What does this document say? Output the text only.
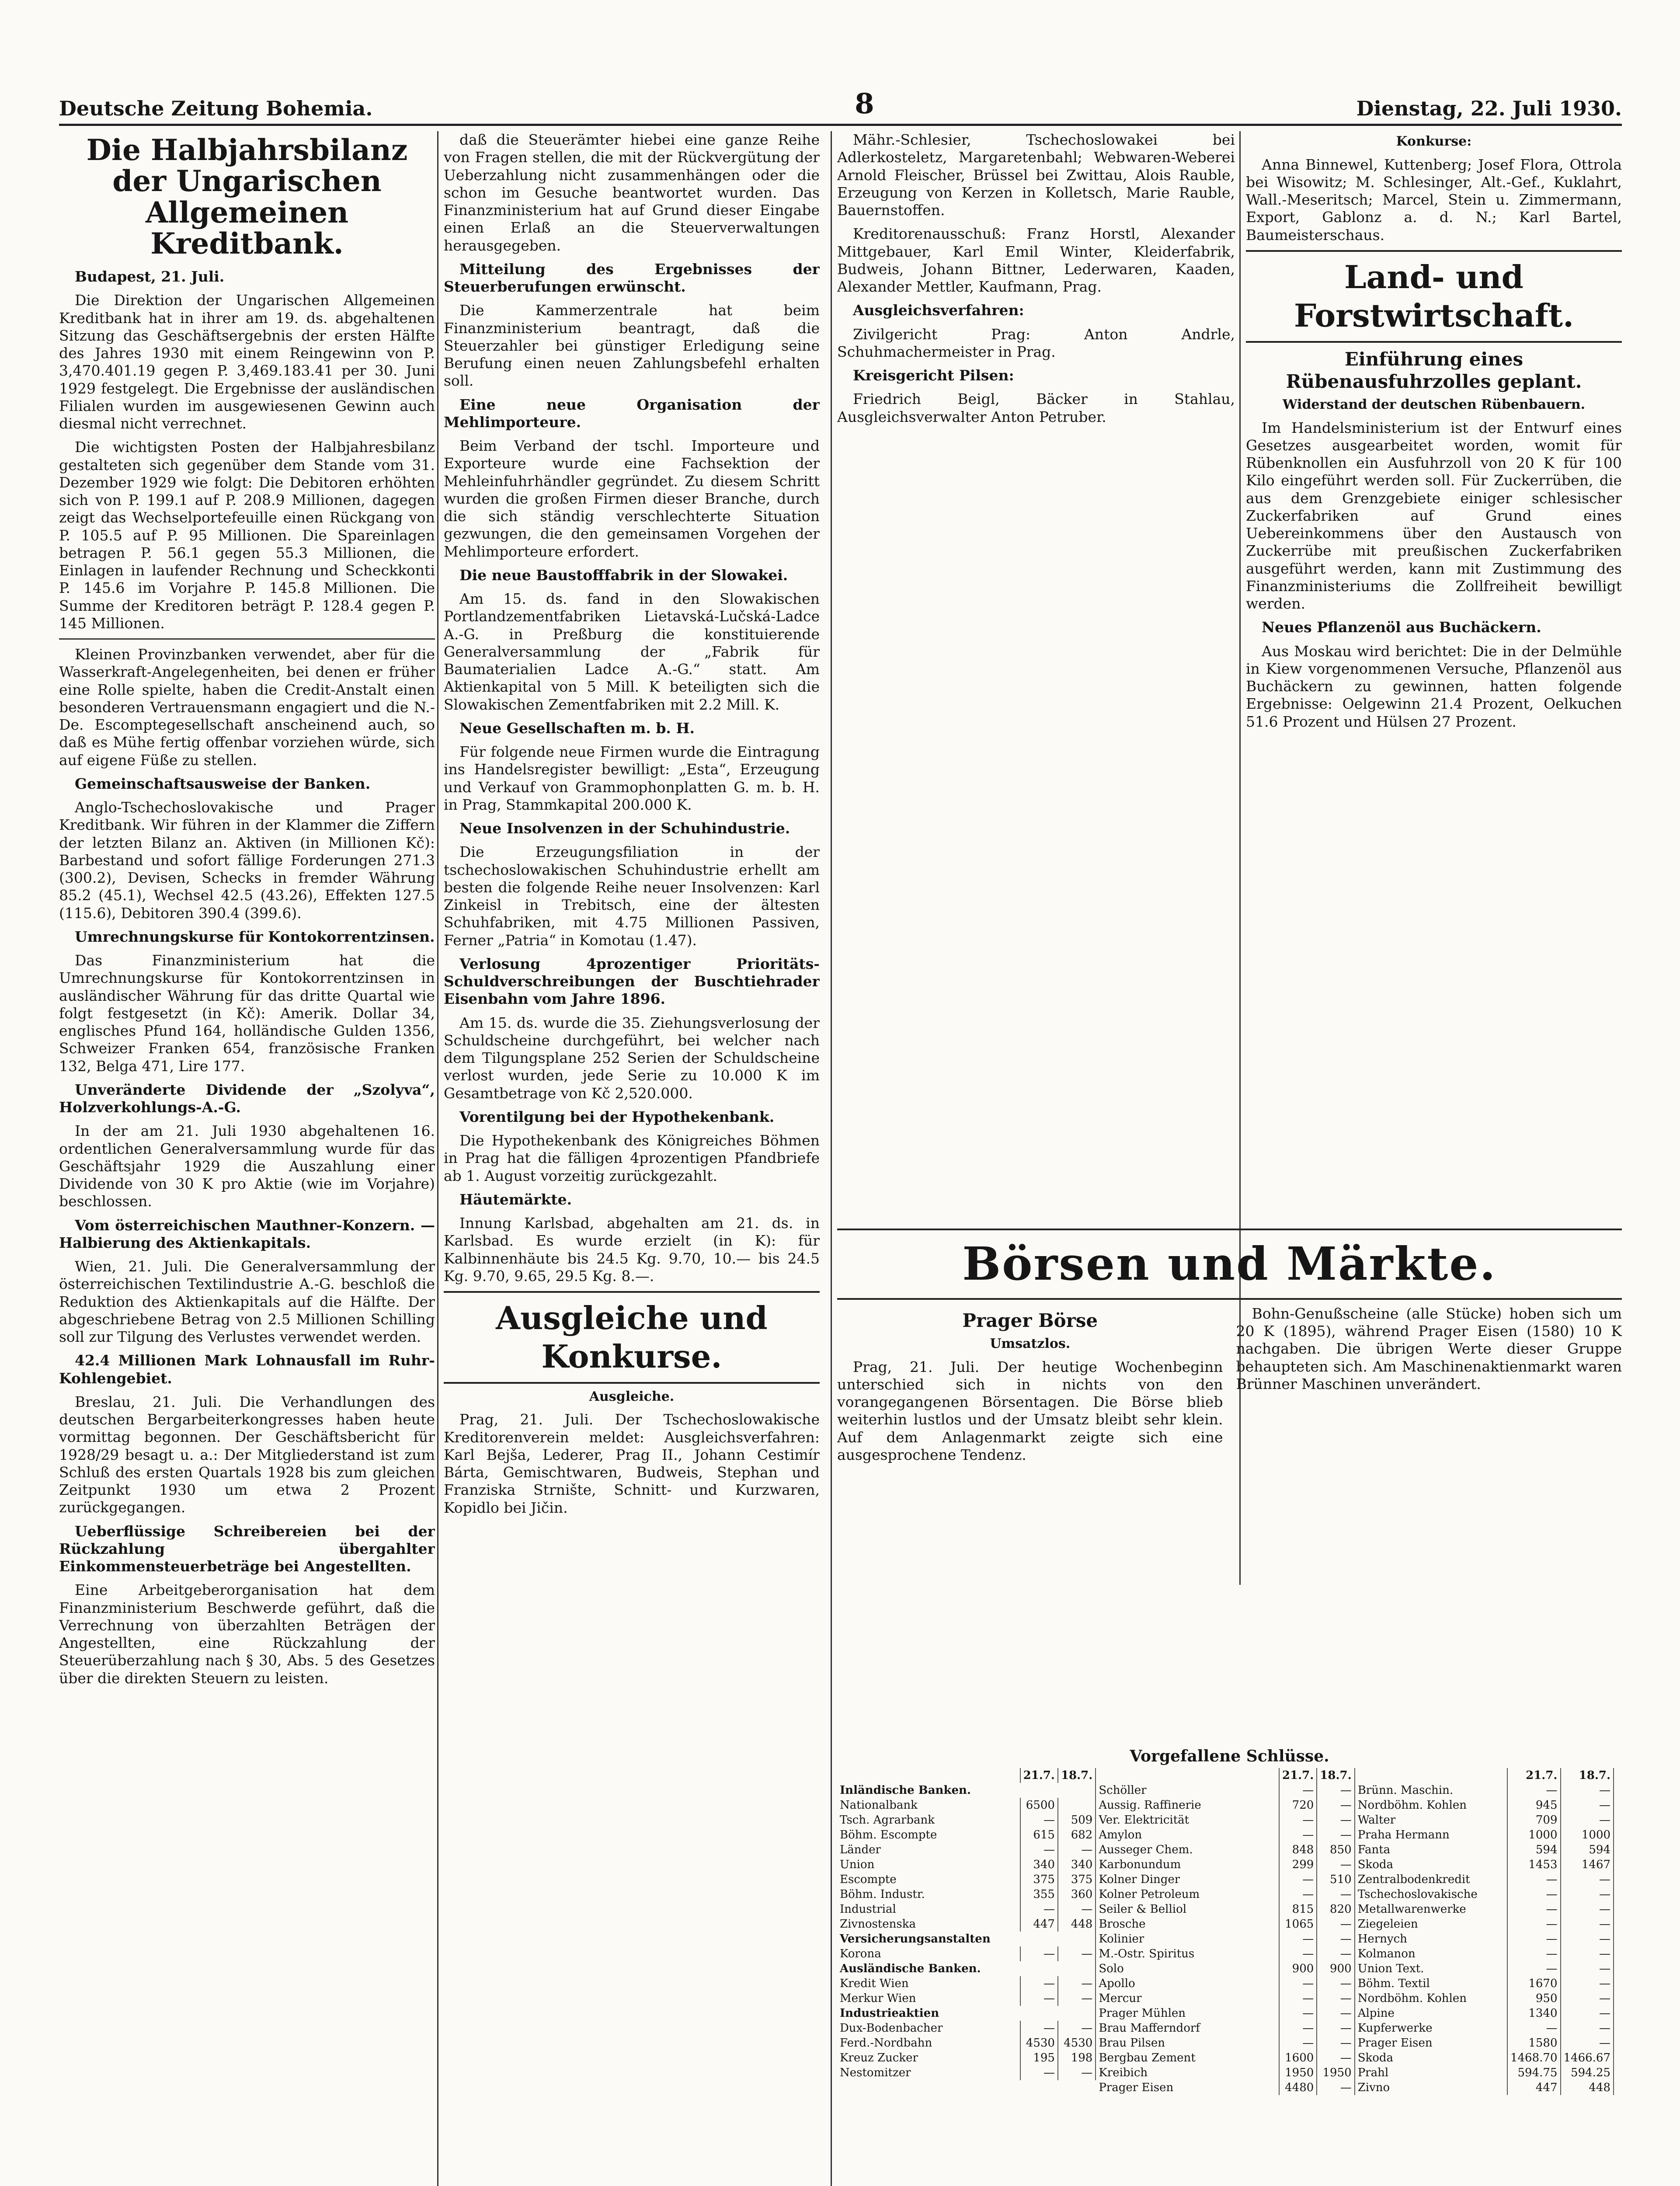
Deutsche Zeitung Bohemia.	8	Dienstag, 22. Juli 1930.
Die Halbjahrsbilanz der Ungarischen Allgemeinen Kreditbank.

Budapest, 21. Juli.

Die Direktion der Ungarischen Allgemeinen Kreditbank hat in ihrer am 19. ds. abgehaltenen Sitzung das Geschäftsergebnis der ersten Hälfte des Jahres 1930 mit einem Reingewinn von P. 3,470.401.19 gegen P. 3,469.183.41 per 30. Juni 1929 festgelegt. Die Ergebnisse der ausländischen Filialen wurden im ausgewiesenen Gewinn auch diesmal nicht verrechnet.

Die wichtigsten Posten der Halbjahresbilanz gestalteten sich gegenüber dem Stande vom 31. Dezember 1929 wie folgt: Die Debitoren erhöhten sich von P. 199.1 auf P. 208.9 Millionen, dagegen zeigt das Wechselportefeuille einen Rückgang von P. 105.5 auf P. 95 Millionen. Die Spareinlagen betragen P. 56.1 gegen 55.3 Millionen, die Einlagen in laufender Rechnung und Scheckkonti P. 145.6 im Vorjahre P. 145.8 Millionen. Die Summe der Kreditoren beträgt P. 128.4 gegen P. 145 Millionen.

Kleinen Provinzbanken verwendet, aber für die Wasserkraft-Angelegenheiten, bei denen er früher eine Rolle spielte, haben die Credit-Anstalt einen besonderen Vertrauensmann engagiert und die N.-De. Escomptegesellschaft anscheinend auch, so daß es Mühe fertig offenbar vorziehen würde, sich auf eigene Füße zu stellen.

Gemeinschaftsausweise der Banken.

Anglo-Tschechoslovakische und Prager Kreditbank. Wir führen in der Klammer die Ziffern der letzten Bilanz an. Aktiven (in Millionen Kč): Barbestand und sofort fällige Forderungen 271.3 (300.2), Devisen, Schecks in fremder Währung 85.2 (45.1), Wechsel 42.5 (43.26), Effekten 127.5 (115.6), Debitoren 390.4 (399.6).

Umrechnungskurse für Kontokorrentzinsen.

Das Finanzministerium hat die Umrechnungskurse für Kontokorrentzinsen in ausländischer Währung für das dritte Quartal wie folgt festgesetzt (in Kč): Amerik. Dollar 34, englisches Pfund 164, holländische Gulden 1356, Schweizer Franken 654, französische Franken 132, Belga 471, Lire 177.

Unveränderte Dividende der „Szolyva“, Holzverkohlungs-A.-G.

In der am 21. Juli 1930 abgehaltenen 16. ordentlichen Generalversammlung wurde für das Geschäftsjahr 1929 die Auszahlung einer Dividende von 30 K pro Aktie (wie im Vorjahre) beschlossen.

Vom österreichischen Mauthner-Konzern. — Halbierung des Aktienkapitals.

Wien, 21. Juli. Die Generalversammlung der österreichischen Textilindustrie A.-G. beschloß die Reduktion des Aktienkapitals auf die Hälfte. Der abgeschriebene Betrag von 2.5 Millionen Schilling soll zur Tilgung des Verlustes verwendet werden.

42.4 Millionen Mark Lohnausfall im Ruhr-Kohlengebiet.

Breslau, 21. Juli. Die Verhandlungen des deutschen Bergarbeiterkongresses haben heute vormittag begonnen. Der Geschäftsbericht für 1928/29 besagt u. a.: Der Mitgliederstand ist zum Schluß des ersten Quartals 1928 bis zum gleichen Zeitpunkt 1930 um etwa 2 Prozent zurückgegangen.

Ueberflüssige Schreibereien bei der Rückzahlung übergahlter Einkommensteuerbeträge bei Angestellten.

Eine Arbeitgeberorganisation hat dem Finanzministerium Beschwerde geführt, daß die Verrechnung von überzahlten Beträgen der Angestellten, eine Rückzahlung der Steuerüberzahlung nach § 30, Abs. 5 des Gesetzes über die direkten Steuern zu leisten.

daß die Steuerämter hiebei eine ganze Reihe von Fragen stellen, die mit der Rückvergütung der Ueberzahlung nicht zusammenhängen oder die schon im Gesuche beantwortet wurden. Das Finanzministerium hat auf Grund dieser Eingabe einen Erlaß an die Steuerverwaltungen herausgegeben.

Mitteilung des Ergebnisses der Steuerberufungen erwünscht.

Die Kammerzentrale hat beim Finanzministerium beantragt, daß die Steuerzahler bei günstiger Erledigung seine Berufung einen neuen Zahlungsbefehl erhalten soll.

Eine neue Organisation der Mehlimporteure.

Beim Verband der tschl. Importeure und Exporteure wurde eine Fachsektion der Mehleinfuhrhändler gegründet. Zu diesem Schritt wurden die großen Firmen dieser Branche, durch die sich ständig verschlechterte Situation gezwungen, die den gemeinsamen Vorgehen der Mehlimporteure erfordert.

Die neue Baustofffabrik in der Slowakei.

Am 15. ds. fand in den Slowakischen Portlandzementfabriken Lietavská-Lučská-Ladce A.-G. in Preßburg die konstituierende Generalversammlung der „Fabrik für Baumaterialien Ladce A.-G.“ statt. Am Aktienkapital von 5 Mill. K beteiligten sich die Slowakischen Zementfabriken mit 2.2 Mill. K.

Neue Gesellschaften m. b. H.

Für folgende neue Firmen wurde die Eintragung ins Handelsregister bewilligt: „Esta“, Erzeugung und Verkauf von Grammophonplatten G. m. b. H. in Prag, Stammkapital 200.000 K.

Neue Insolvenzen in der Schuhindustrie.

Die Erzeugungsfiliation in der tschechoslowakischen Schuhindustrie erhellt am besten die folgende Reihe neuer Insolvenzen: Karl Zinkeisl in Trebitsch, eine der ältesten Schuhfabriken, mit 4.75 Millionen Passiven, Ferner „Patria“ in Komotau (1.47).

Verlosung 4prozentiger Prioritäts-Schuldverschreibungen der Buschtiehrader Eisenbahn vom Jahre 1896.

Am 15. ds. wurde die 35. Ziehungsverlosung der Schuldscheine durchgeführt, bei welcher nach dem Tilgungsplane 252 Serien der Schuldscheine verlost wurden, jede Serie zu 10.000 K im Gesamtbetrage von Kč 2,520.000.

Vorentilgung bei der Hypothekenbank.

Die Hypothekenbank des Königreiches Böhmen in Prag hat die fälligen 4prozentigen Pfandbriefe ab 1. August vorzeitig zurückgezahlt.

Häutemärkte.

Innung Karlsbad, abgehalten am 21. ds. in Karlsbad. Es wurde erzielt (in K): für Kalbinnenhäute bis 24.5 Kg. 9.70, 10.— bis 24.5 Kg. 9.70, 9.65, 29.5 Kg. 8.—.

Ausgleiche und Konkurse.
Ausgleiche.

Prag, 21. Juli. Der Tschechoslowakische Kreditorenverein meldet: Ausgleichsverfahren: Karl Bejša, Lederer, Prag II., Johann Cestimír Bárta, Gemischtwaren, Budweis, Stephan und Franziska Strnište, Schnitt- und Kurzwaren, Kopidlo bei Jičin.

Mähr.-Schlesier, Tschechoslowakei bei Adlerkosteletz, Margaretenbahl; Webwaren-Weberei Arnold Fleischer, Brüssel bei Zwittau, Alois Rauble, Erzeugung von Kerzen in Kolletsch, Marie Rauble, Bauernstoffen.

Kreditorenausschuß: Franz Horstl, Alexander Mittgebauer, Karl Emil Winter, Kleiderfabrik, Budweis, Johann Bittner, Lederwaren, Kaaden, Alexander Mettler, Kaufmann, Prag.

Ausgleichsverfahren:

Zivilgericht Prag: Anton Andrle, Schuhmachermeister in Prag.

Kreisgericht Pilsen:

Friedrich Beigl, Bäcker in Stahlau, Ausgleichsverwalter Anton Petruber.

Konkurse:

Anna Binnewel, Kuttenberg; Josef Flora, Ottrola bei Wisowitz; M. Schlesinger, Alt.-Gef., Kuklahrt, Wall.-Meseritsch; Marcel, Stein u. Zimmermann, Export, Gablonz a. d. N.; Karl Bartel, Baumeisterschaus.

Land- und Forstwirtschaft.
Einführung eines Rübenausfuhrzolles geplant.
Widerstand der deutschen Rübenbauern.

Im Handelsministerium ist der Entwurf eines Gesetzes ausgearbeitet worden, womit für Rübenknollen ein Ausfuhrzoll von 20 K für 100 Kilo eingeführt werden soll. Für Zuckerrüben, die aus dem Grenzgebiete einiger schlesischer Zuckerfabriken auf Grund eines Uebereinkommens über den Austausch von Zuckerrübe mit preußischen Zuckerfabriken ausgeführt werden, kann mit Zustimmung des Finanzministeriums die Zollfreiheit bewilligt werden.

Neues Pflanzenöl aus Buchäckern.

Aus Moskau wird berichtet: Die in der Delmühle in Kiew vorgenommenen Versuche, Pflanzenöl aus Buchäckern zu gewinnen, hatten folgende Ergebnisse: Oelgewinn 21.4 Prozent, Oelkuchen 51.6 Prozent und Hülsen 27 Prozent.

Börsen und Märkte.
Prager Börse
Umsatzlos.

Prag, 21. Juli. Der heutige Wochenbeginn unterschied sich in nichts von den vorangegangenen Börsentagen. Die Börse blieb weiterhin lustlos und der Umsatz bleibt sehr klein. Auf dem Anlagenmarkt zeigte sich eine ausgesprochene Tendenz.

Bohn-Genußscheine (alle Stücke) hoben sich um 20 K (1895), während Prager Eisen (1580) 10 K nachgaben. Die übrigen Werte dieser Gruppe behaupteten sich. Am Maschinenaktienmarkt waren Brünner Maschinen unverändert.

Vorgefallene Schlüsse.
	21.7.	18.7.
Inländische Banken.		
Nationalbank	6500	
Tsch. Agrarbank	—	509
Böhm. Escompte	615	682
Länder	—	—
Union	340	340
Escompte	375	375
Böhm. Industr.	355	360
Industrial	—	—
Zivnostenska	447	448
Versicherungsanstalten		
Korona	—	—
Ausländische Banken.		
Kredit Wien	—	—
Merkur Wien	—	—
Industrieaktien		
Dux-Bodenbacher	—	—
Ferd.-Nordbahn	4530	4530
Kreuz Zucker	195	198
Nestomitzer	—	—
	21.7.	18.7.
Schöller	—	—
Aussig. Raffinerie	720	—
Ver. Elektricität	—	—
Amylon	—	—
Ausseger Chem.	848	850
Karbonundum	299	—
Kolner Dinger	—	510
Kolner Petroleum	—	—
Seiler & Belliol	815	820
Brosche	1065	—
Kolinier	—	—
M.-Ostr. Spiritus	—	—
Solo	900	900
Apollo	—	—
Mercur	—	—
Prager Mühlen	—	—
Brau Mafferndorf	—	—
Brau Pilsen	—	—
Bergbau Zement	1600	—
Kreibich	1950	1950
Prager Eisen	4480	—
	21.7.	18.7.
Brünn. Maschin.	—	—
Nordböhm. Kohlen	945	—
Walter	709	—
Praha Hermann	1000	1000
Fanta	594	594
Skoda	1453	1467
Zentralbodenkredit	—	—
Tschechoslovakische	—	—
Metallwarenwerke	—	—
Ziegeleien	—	—
Hernych	—	—
Kolmanon	—	—
Union Text.	—	—
Böhm. Textil	1670	—
Nordböhm. Kohlen	950	—
Alpine	1340	—
Kupferwerke	—	—
Prager Eisen	1580	—
Skoda	1468.70	1466.67
Prahl	594.75	594.25
Zivno	447	448
